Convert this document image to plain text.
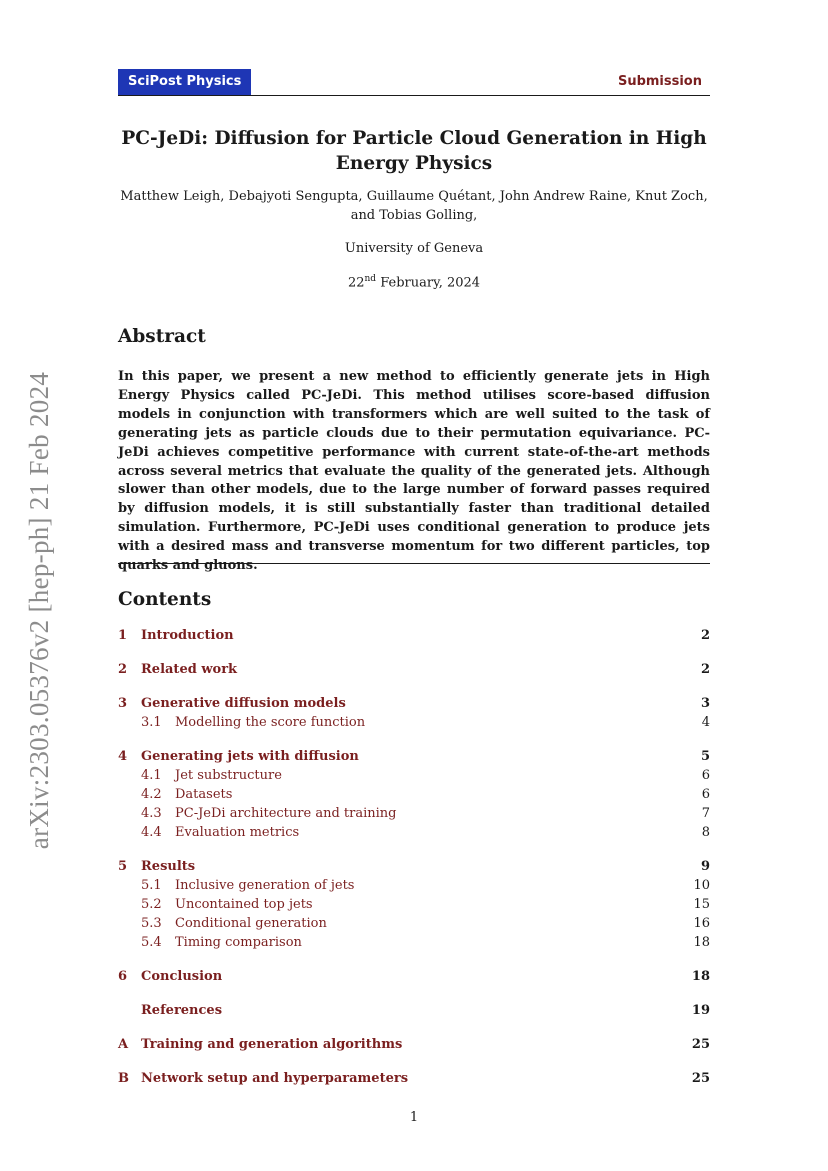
arXiv:2303.05376v2 [hep-ph] 21 Feb 2024
SciPost Physics	Submission
PC-JeDi: Diffusion for Particle Cloud Generation in High Energy Physics
Matthew Leigh, Debajyoti Sengupta, Guillaume Quétant, John Andrew Raine, Knut Zoch, and Tobias Golling,
University of Geneva
22nd February, 2024
Abstract
In this paper, we present a new method to efficiently generate jets in High Energy Physics called PC-JeDi. This method utilises score-based diffusion models in conjunction with transformers which are well suited to the task of generating jets as particle clouds due to their permutation equivariance. PC-JeDi achieves competitive performance with current state-of-the-art methods across several metrics that evaluate the quality of the generated jets. Although slower than other models, due to the large number of forward passes required by diffusion models, it is still substantially faster than traditional detailed simulation. Furthermore, PC-JeDi uses conditional generation to produce jets with a desired mass and transverse momentum for two different particles, top quarks and gluons.
Contents
1 Introduction	2
2 Related work	2
3 Generative diffusion models	3
3.1 Modelling the score function	4
4 Generating jets with diffusion	5
4.1 Jet substructure	6
4.2 Datasets	6
4.3 PC-JeDi architecture and training	7
4.4 Evaluation metrics	8
5 Results	9
5.1 Inclusive generation of jets	10
5.2 Uncontained top jets	15
5.3 Conditional generation	16
5.4 Timing comparison	18
6 Conclusion	18
References	19
A Training and generation algorithms	25
B Network setup and hyperparameters	25
1
